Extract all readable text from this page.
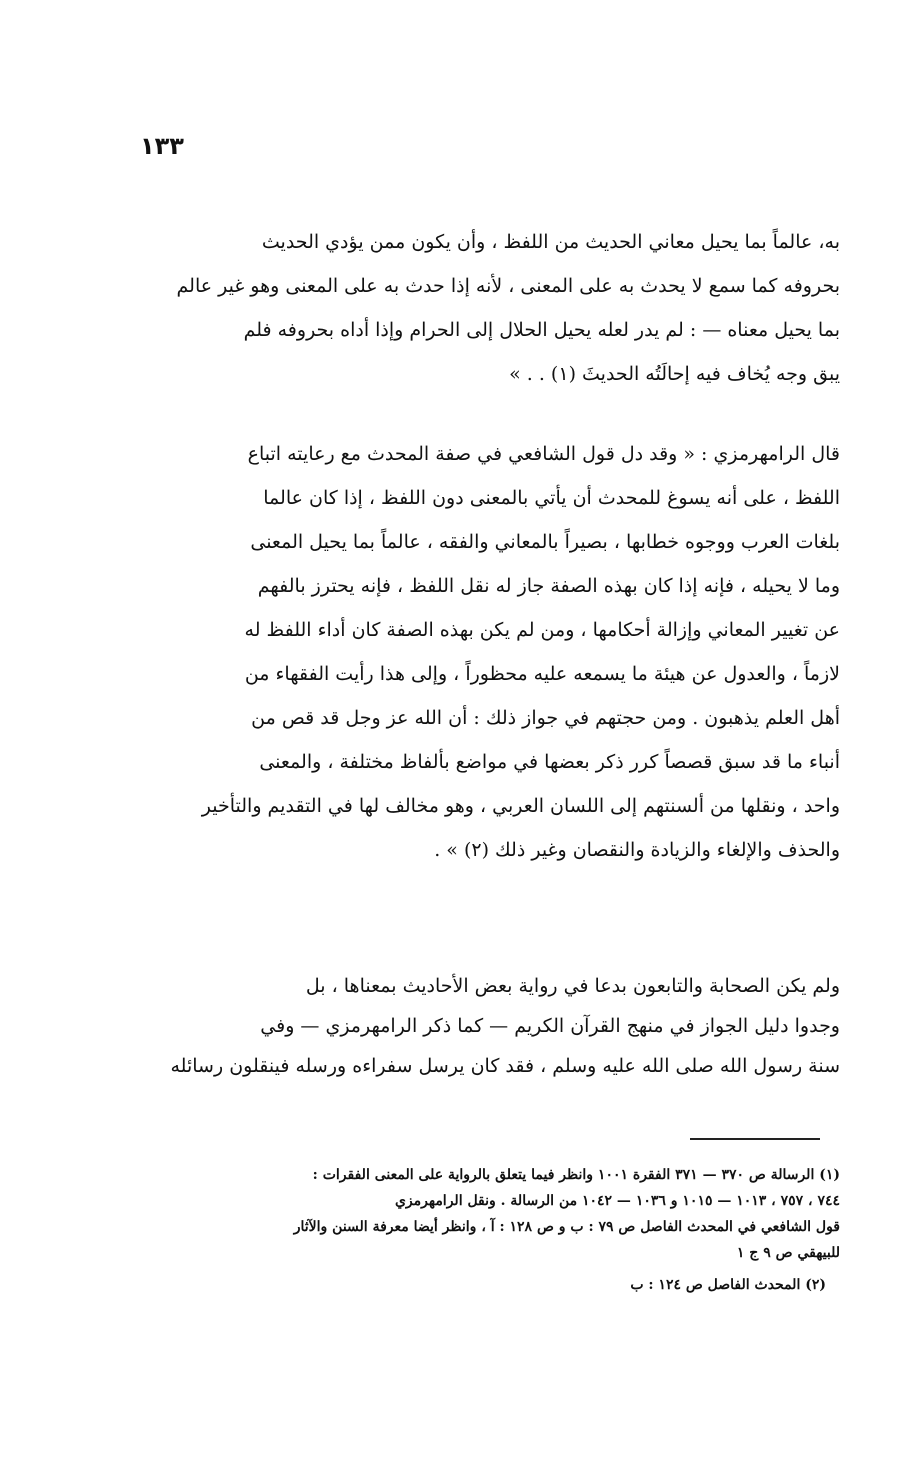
١٣٣
به، عالماً بما يحيل معاني الحديث من اللفظ ، وأن يكون ممن يؤدي الحديث
بحروفه كما سمع لا يحدث به على المعنى ، لأنه إذا حدث به على المعنى وهو غير عالم
بما يحيل معناه — : لم يدر لعله يحيل الحلال إلى الحرام وإذا أداه بحروفه فلم
يبق وجه يُخاف فيه إحالَتُه الحديثَ (١) . . »
قال الرامهرمزي : « وقد دل قول الشافعي في صفة المحدث مع رعايته اتباع
اللفظ ، على أنه يسوغ للمحدث أن يأتي بالمعنى دون اللفظ ، إذا كان عالما
بلغات العرب ووجوه خطابها ، بصيراً بالمعاني والفقه ، عالماً بما يحيل المعنى
وما لا يحيله ، فإنه إذا كان بهذه الصفة جاز له نقل اللفظ ، فإنه يحترز بالفهم
عن تغيير المعاني وإزالة أحكامها ، ومن لم يكن بهذه الصفة كان أداء اللفظ له
لازماً ، والعدول عن هيئة ما يسمعه عليه محظوراً ، وإلى هذا رأيت الفقهاء من
أهل العلم يذهبون . ومن حجتهم في جواز ذلك : أن الله عز وجل قد قص من
أنباء ما قد سبق قصصاً كرر ذكر بعضها في مواضع بألفاظ مختلفة ، والمعنى
واحد ، ونقلها من ألسنتهم إلى اللسان العربي ، وهو مخالف لها في التقديم والتأخير
والحذف والإلغاء والزيادة والنقصان وغير ذلك (٢) » .
ولم يكن الصحابة والتابعون بدعا في رواية بعض الأحاديث بمعناها ، بل
وجدوا دليل الجواز في منهج القرآن الكريم — كما ذكر الرامهرمزي — وفي
سنة رسول الله صلى الله عليه وسلم ، فقد كان يرسل سفراءه ورسله فينقلون رسائله
(١) الرسالة ص ٣٧٠ — ٣٧١ الفقرة ١٠٠١ وانظر فيما يتعلق بالرواية على المعنى الفقرات :
٧٤٤ ، ٧٥٧ ، ١٠١٣ — ١٠١٥ و ١٠٣٦ — ١٠٤٢ من الرسالة . ونقل الرامهرمزي
قول الشافعي في المحدث الفاصل ص ٧٩ : ب و ص ١٢٨ : آ ، وانظر أيضا معرفة السنن والآثار
للبيهقي ص ٩ ج ١
(٢) المحدث الفاصل ص ١٢٤ : ب
